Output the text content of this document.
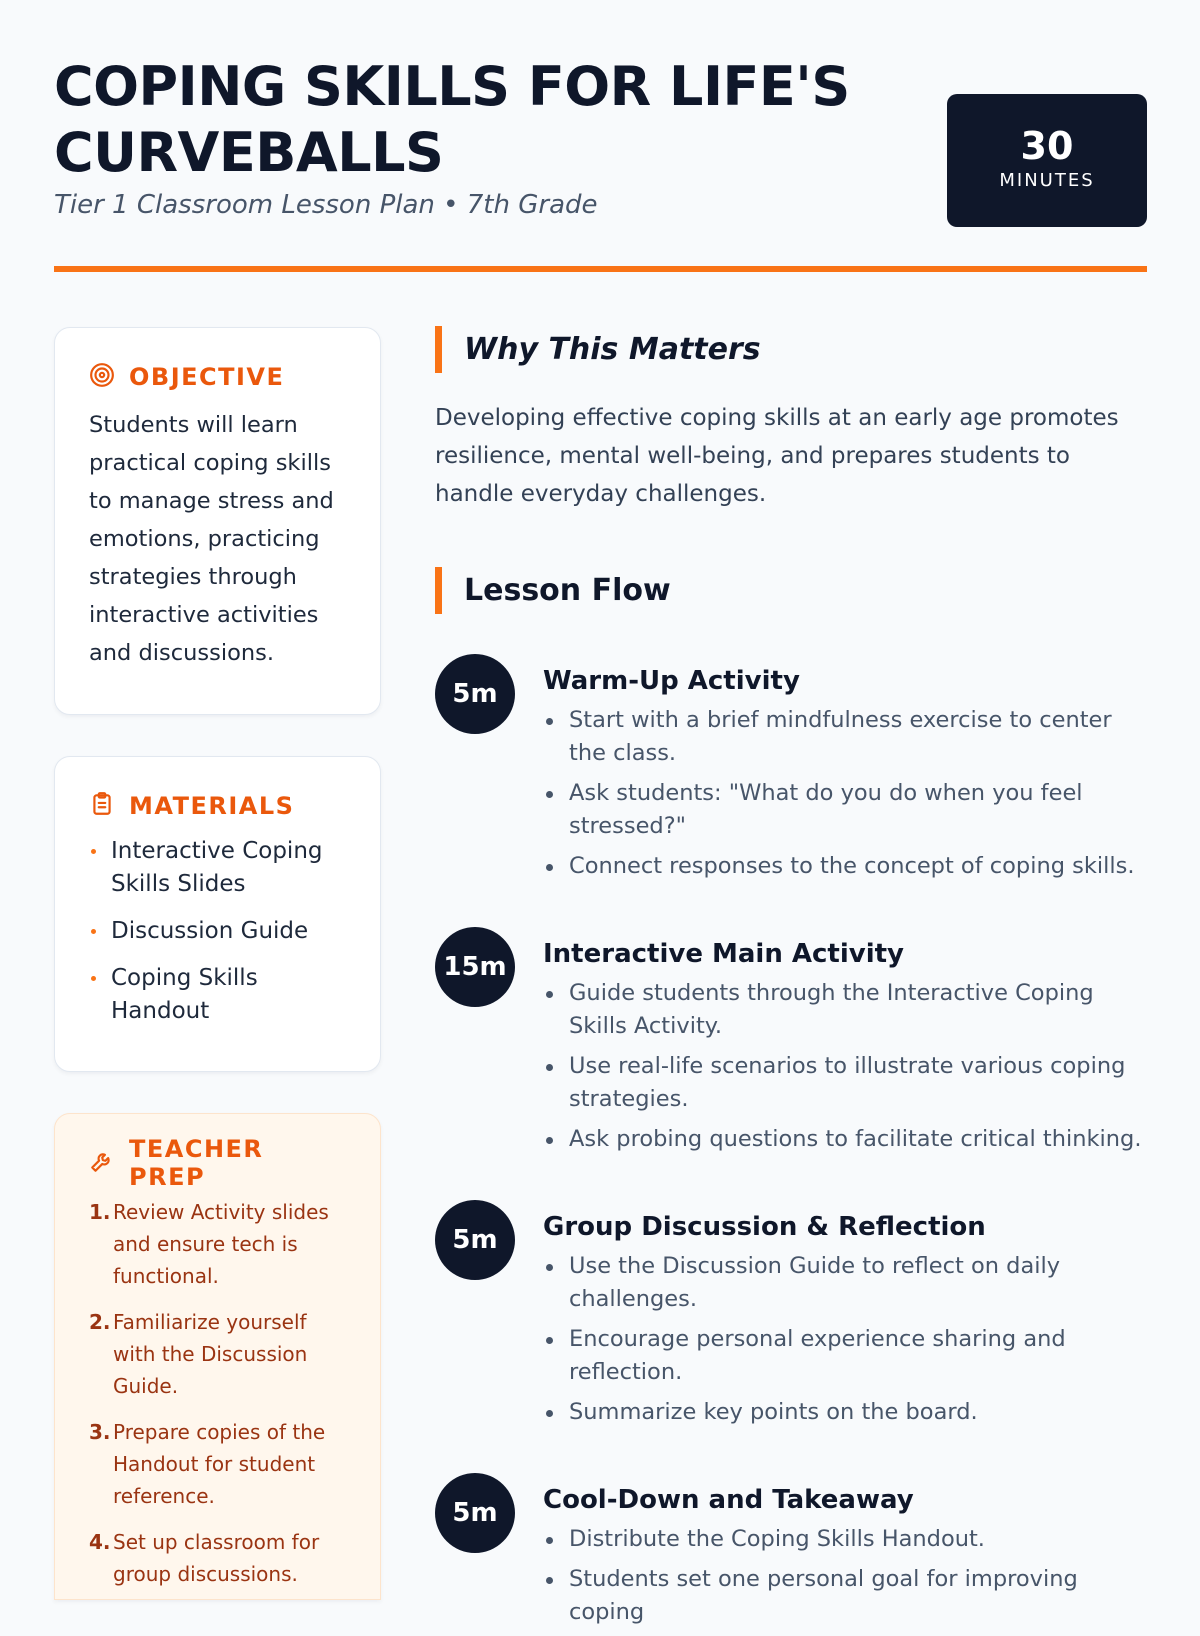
COPING SKILLS FOR LIFE'S CURVEBALLS
Tier 1 Classroom Lesson Plan • 7th Grade
30
MINUTES
OBJECTIVE

Students will learn practical coping skills to manage stress and emotions, practicing strategies through interactive activities and discussions.

MATERIALS
Interactive Coping Skills Slides
Discussion Guide
Coping Skills Handout
TEACHER PREP
1. Review Activity slides and ensure tech is functional.
2. Familiarize yourself with the Discussion Guide.
3. Prepare copies of the Handout for student reference.
4. Set up classroom for group discussions.
Why This Matters

Developing effective coping skills at an early age promotes resilience, mental well-being, and prepares students to handle everyday challenges.

Lesson Flow
5m	Warm-Up Activity
Start with a brief mindfulness exercise to center the class.
Ask students: "What do you do when you feel stressed?"
Connect responses to the concept of coping skills.
15m	Interactive Main Activity
Guide students through the Interactive Coping Skills Activity.
Use real-life scenarios to illustrate various coping strategies.
Ask probing questions to facilitate critical thinking.
5m	Group Discussion & Reflection
Use the Discussion Guide to reflect on daily challenges.
Encourage personal experience sharing and reflection.
Summarize key points on the board.
5m	Cool-Down and Takeaway
Distribute the Coping Skills Handout.
Students set one personal goal for improving coping
